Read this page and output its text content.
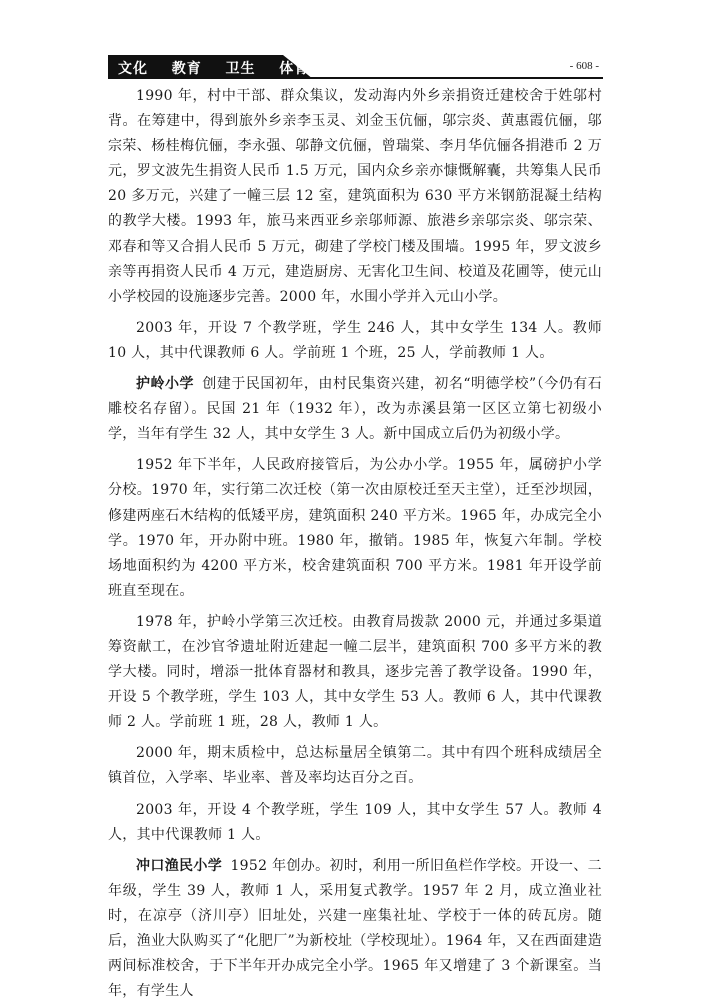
文化  教育  卫生  体育	- 608 -

1990 年，村中干部、群众集议，发动海内外乡亲捐资迁建校舍于姓邬村背。在筹建中，得到旅外乡亲李玉灵、刘金玉伉俪，邬宗炎、黄惠霞伉俪，邬宗荣、杨桂梅伉俪，李永强、邬静文伉俪，曾瑞棠、李月华伉俪各捐港币 2 万元，罗文波先生捐资人民币 1.5 万元，国内众乡亲亦慷慨解囊，共筹集人民币 20 多万元，兴建了一幢三层 12 室，建筑面积为 630 平方米钢筋混凝土结构的教学大楼。1993 年，旅马来西亚乡亲邬师源、旅港乡亲邬宗炎、邬宗荣、邓春和等又合捐人民币 5 万元，砌建了学校门楼及围墙。1995 年，罗文波乡亲等再捐资人民币 4 万元，建造厨房、无害化卫生间、校道及花圃等，使元山小学校园的设施逐步完善。2000 年，水围小学并入元山小学。

2003 年，开设 7 个教学班，学生 246 人，其中女学生 134 人。教师 10 人，其中代课教师 6 人。学前班 1 个班，25 人，学前教师 1 人。

护岭小学 创建于民国初年，由村民集资兴建，初名“明德学校”（今仍有石雕校名存留）。民国 21 年（1932 年），改为赤溪县第一区区立第七初级小学，当年有学生 32 人，其中女学生 3 人。新中国成立后仍为初级小学。

1952 年下半年，人民政府接管后，为公办小学。1955 年，属磅护小学分校。1970 年，实行第二次迁校（第一次由原校迁至天主堂），迁至沙坝园，修建两座石木结构的低矮平房，建筑面积 240 平方米。1965 年，办成完全小学。1970 年，开办附中班。1980 年，撤销。1985 年，恢复六年制。学校场地面积约为 4200 平方米，校舍建筑面积 700 平方米。1981 年开设学前班直至现在。

1978 年，护岭小学第三次迁校。由教育局拨款 2000 元，并通过多渠道筹资献工，在沙官爷遗址附近建起一幢二层半，建筑面积 700 多平方米的教学大楼。同时，增添一批体育器材和教具，逐步完善了教学设备。1990 年，开设 5 个教学班，学生 103 人，其中女学生 53 人。教师 6 人，其中代课教师 2 人。学前班 1 班，28 人，教师 1 人。

2000 年，期末质检中，总达标量居全镇第二。其中有四个班科成绩居全镇首位，入学率、毕业率、普及率均达百分之百。

2003 年，开设 4 个教学班，学生 109 人，其中女学生 57 人。教师 4 人，其中代课教师 1 人。

冲口渔民小学 1952 年创办。初时，利用一所旧鱼栏作学校。开设一、二年级，学生 39 人，教师 1 人，采用复式教学。1957 年 2 月，成立渔业社时，在凉亭（济川亭）旧址处，兴建一座集社址、学校于一体的砖瓦房。随后，渔业大队购买了“化肥厂”为新校址（学校现址）。1964 年，又在西面建造两间标准校舍，于下半年开办成完全小学。1965 年又增建了 3 个新课室。当年，有学生人
